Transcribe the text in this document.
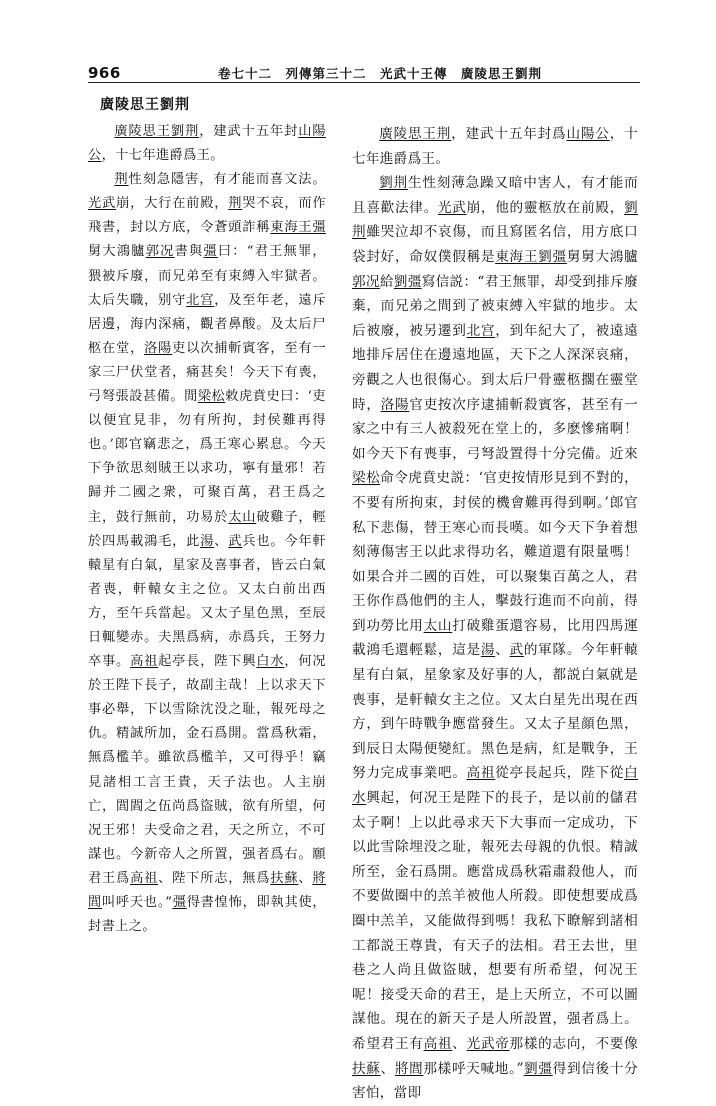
966	卷七十二　列傳第三十二　光武十王傳　廣陵思王劉荆
廣陵思王劉荆

廣陵思王劉荆，建武十五年封山陽公，十七年進爵爲王。

荆性刻急隱害，有才能而喜文法。光武崩，大行在前殿，荆哭不哀，而作飛書，封以方底，令蒼頭詐稱東海王彊舅大鴻臚郭况書與彊曰：“君王無罪，猥被斥廢，而兄弟至有束縛入牢獄者。太后失職，别守北宫，及至年老，遠斥居邊，海内深痛，觀者鼻酸。及太后尸柩在堂，洛陽吏以次捕斬賓客，至有一家三尸伏堂者，痛甚矣！今天下有喪，弓弩張設甚備。閒梁松敕虎賁史曰：‘吏以便宜見非，勿有所拘，封侯難再得也。’郎官竊悲之，爲王寒心累息。今天下争欲思刻賊王以求功，寧有量邪！若歸并二國之衆，可聚百萬，君王爲之主，鼓行無前，功易於太山破雞子，輕於四馬載鴻毛，此湯、武兵也。今年軒轅星有白氣，星家及喜事者，皆云白氣者喪，軒轅女主之位。又太白前出西方，至午兵當起。又太子星色黑，至辰日輒變赤。夫黑爲病，赤爲兵，王努力卒事。高祖起亭長，陛下興白水，何况於王陛下長子，故副主哉！上以求天下事必舉，下以雪除沈没之耻，報死母之仇。精誠所加，金石爲開。當爲秋霜，無爲檻羊。雖欲爲檻羊，又可得乎！竊見諸相工言王貴，天子法也。人主崩亡，閭閻之伍尚爲盜賊，欲有所望，何况王邪！夫受命之君，天之所立，不可謀也。今新帝人之所置，强者爲右。願君王爲高祖、陛下所志，無爲扶蘇、將閭叫呼天也。”彊得書惶怖，即執其使，封書上之。

廣陵思王荆，建武十五年封爲山陽公，十七年進爵爲王。

劉荆生性刻薄急躁又暗中害人，有才能而且喜歡法律。光武崩，他的靈柩放在前殿，劉荆雖哭泣却不哀傷，而且寫匿名信，用方底口袋封好，命奴僕假稱是東海王劉彊舅舅大鴻臚郭况給劉彊寫信説：“君王無罪，却受到排斥廢棄，而兄弟之間到了被束縛入牢獄的地步。太后被廢，被另遷到北宫，到年紀大了，被遠遠地排斥居住在邊遠地區，天下之人深深哀痛，旁觀之人也很傷心。到太后尸骨靈柩擱在靈堂時，洛陽官吏按次序逮捕斬殺賓客，甚至有一家之中有三人被殺死在堂上的，多麽慘痛啊！如今天下有喪事，弓弩設置得十分完備。近來梁松命令虎賁史説：‘官吏按情形見到不對的，不要有所拘束，封侯的機會難再得到啊。’郎官私下悲傷，替王寒心而長嘆。如今天下争着想刻薄傷害王以此求得功名，難道還有限量嗎！如果合并二國的百姓，可以聚集百萬之人，君王你作爲他們的主人，擊鼓行進而不向前，得到功勞比用太山打破雞蛋還容易，比用四馬運載鴻毛還輕鬆，這是湯、武的軍隊。今年軒轅星有白氣，星象家及好事的人，都説白氣就是喪事，是軒轅女主之位。又太白星先出現在西方，到午時戰争應當發生。又太子星顔色黑，到辰日太陽便變紅。黑色是病，紅是戰争，王努力完成事業吧。高祖從亭長起兵，陛下從白水興起，何况王是陛下的長子，是以前的儲君太子啊！上以此尋求天下大事而一定成功，下以此雪除埋没之耻，報死去母親的仇恨。精誠所至，金石爲開。應當成爲秋霜肅殺他人，而不要做圈中的羔羊被他人所殺。即使想要成爲圈中羔羊，又能做得到嗎！我私下瞭解到諸相工都説王尊貴，有天子的法相。君王去世，里巷之人尚且做盜賊，想要有所希望，何况王呢！接受天命的君王，是上天所立，不可以圖謀他。現在的新天子是人所設置，强者爲上。希望君王有高祖、光武帝那樣的志向，不要像扶蘇、將閭那樣呼天喊地。”劉彊得到信後十分害怕，當即
